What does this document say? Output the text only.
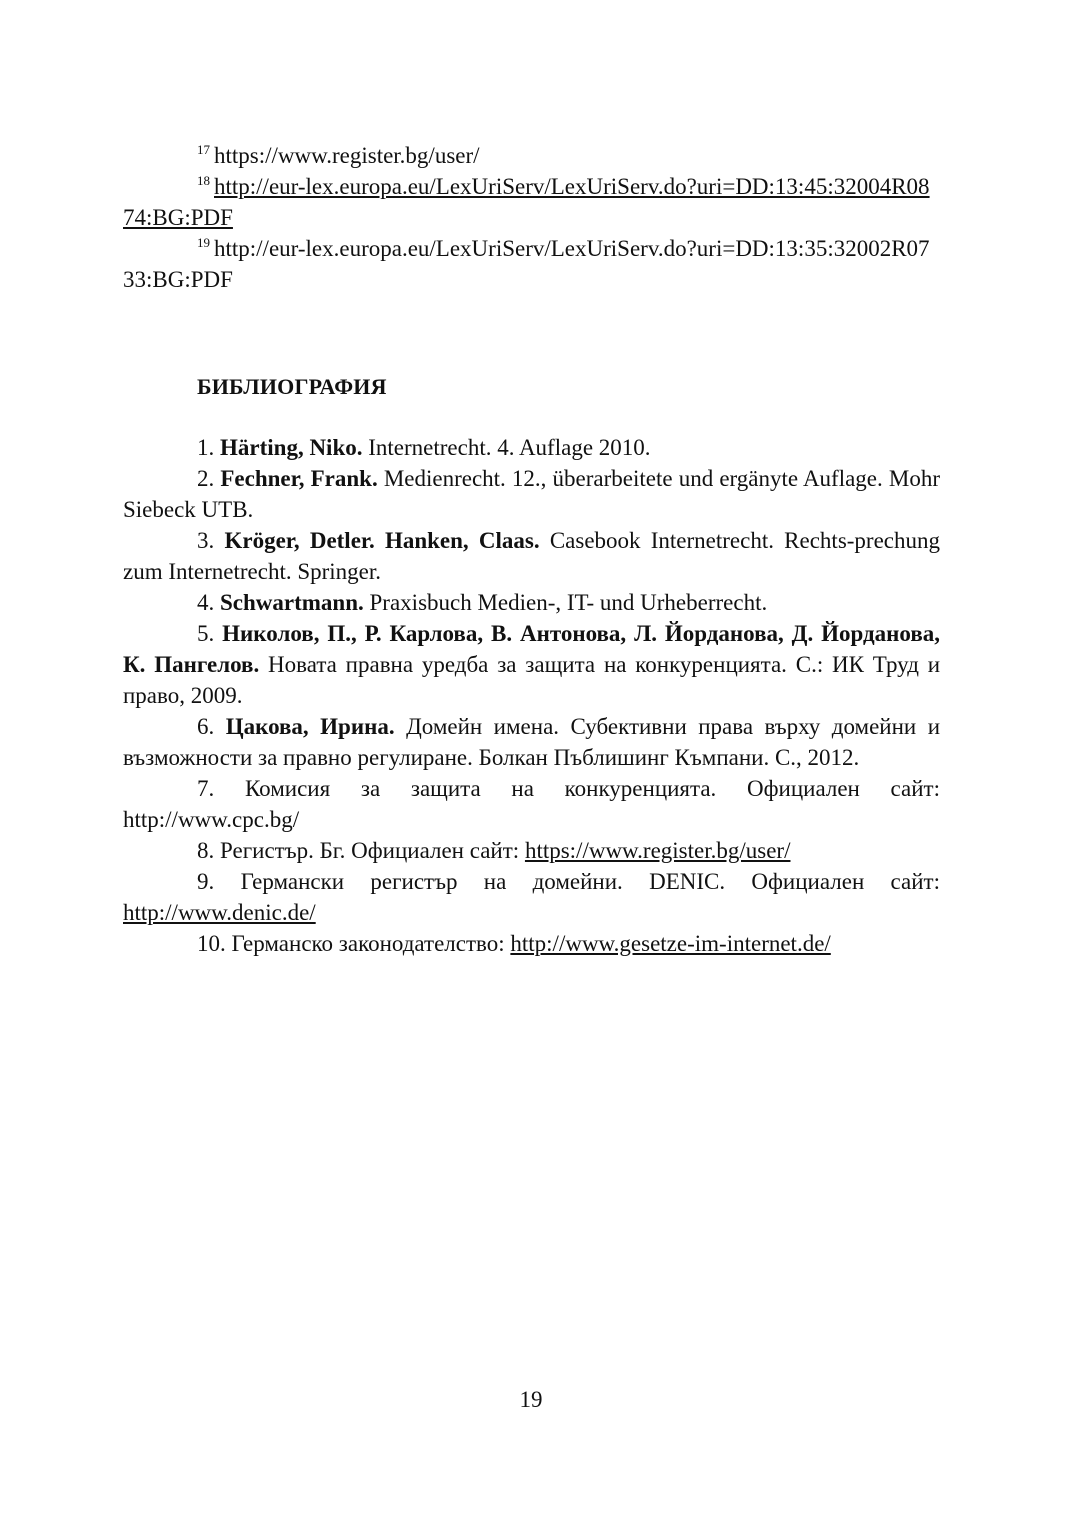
$^{17}$ https://www.register.bg/user/

$^{18}$ http://eur-lex.europa.eu/LexUriServ/LexUriServ.do?uri=DD:13:45:32004R0874:BG:PDF

$^{19}$ http://eur-lex.europa.eu/LexUriServ/LexUriServ.do?uri=DD:13:35:32002R0733:BG:PDF

БИБЛИОГРАФИЯ

1. Härting, Niko. Internetrecht. 4. Auflage 2010.

2. Fechner, Frank. Medienrecht. 12., überarbeitete und ergänyte Auflage. Mohr Siebeck UTB.

3. Kröger, Detler. Hanken, Claas. Casebook Internetrecht. Rechts-prechung zum Internetrecht. Springer.

4. Schwartmann. Praxisbuch Medien-, IT- und Urheberrecht.

5. Николов, П., Р. Карлова, В. Антонова, Л. Йорданова, Д. Йорданова, К. Пангелов. Новата правна уредба за защита на конкуренцията. С.: ИК Труд и право, 2009.

6. Цакова, Ирина. Домейн имена. Субективни права върху домейни и възможности за правно регулиране. Болкан Пъблишинг Къмпани. С., 2012.

7. Комисия за защита на конкуренцията. Официален сайт: http://www.cpc.bg/

8. Регистър. Бг. Официален сайт: https://www.register.bg/user/

9. Германски регистър на домейни. DENIC. Официален сайт: http://www.denic.de/

10. Германско законодателство: http://www.gesetze-im-internet.de/

19
